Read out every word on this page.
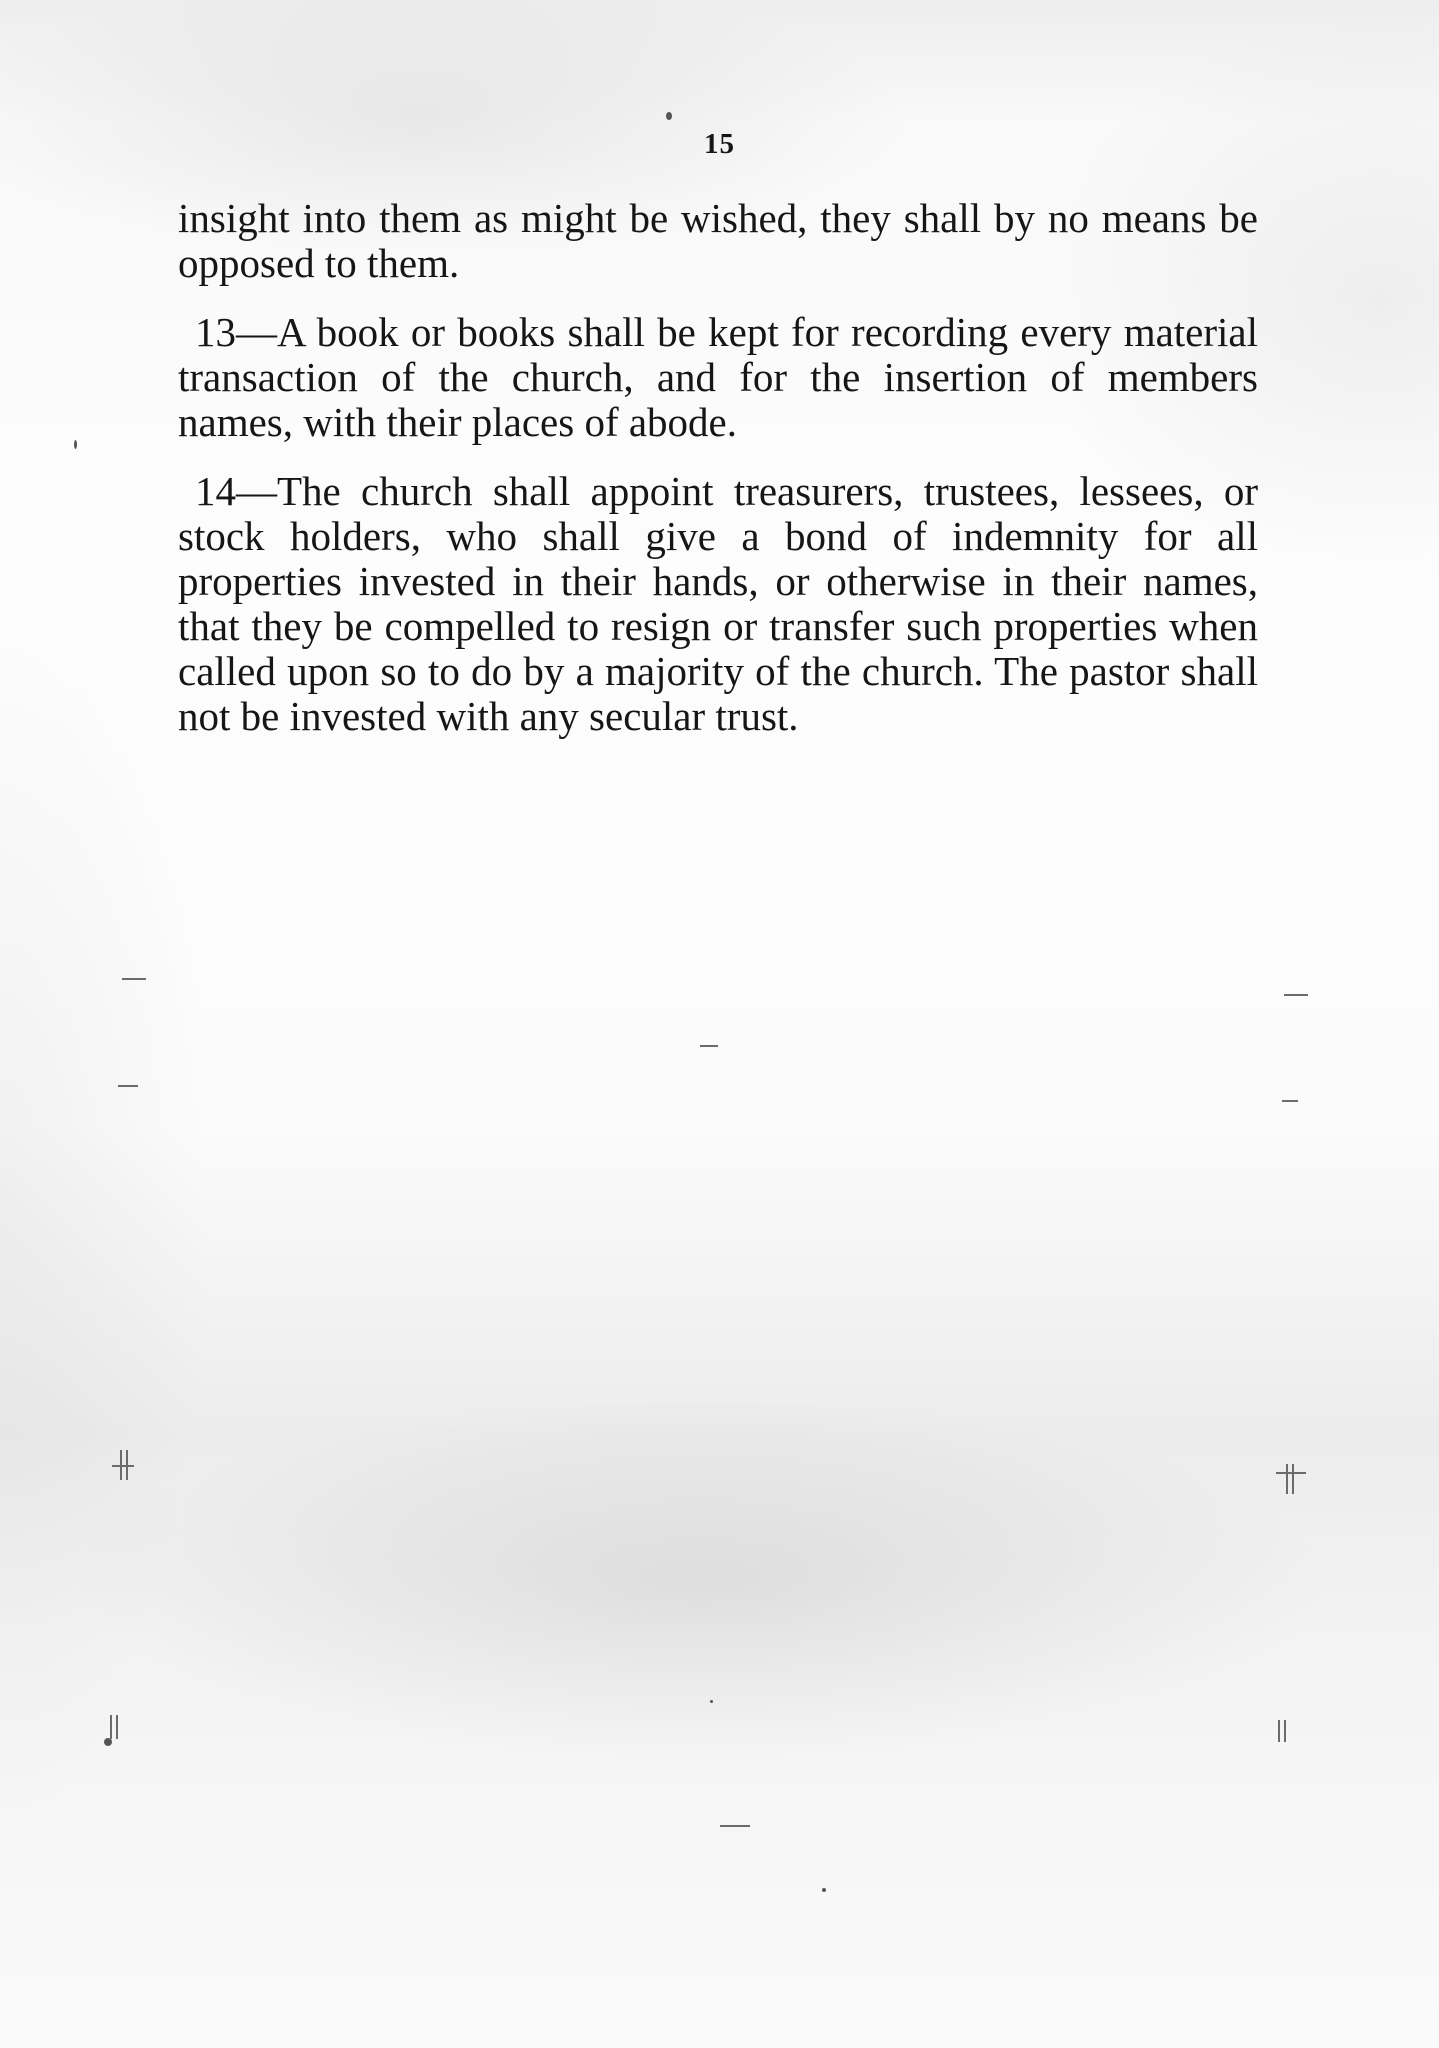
15

insight into them as might be wished, they shall by no means be opposed to them.

13—A book or books shall be kept for recording every material transaction of the church, and for the insertion of members names, with their places of abode.

14—The church shall appoint treasurers, trustees, lessees, or stock holders, who shall give a bond of indemnity for all properties invested in their hands, or otherwise in their names, that they be compelled to resign or transfer such properties when called upon so to do by a majority of the church. The pastor shall not be invested with any secular trust.
